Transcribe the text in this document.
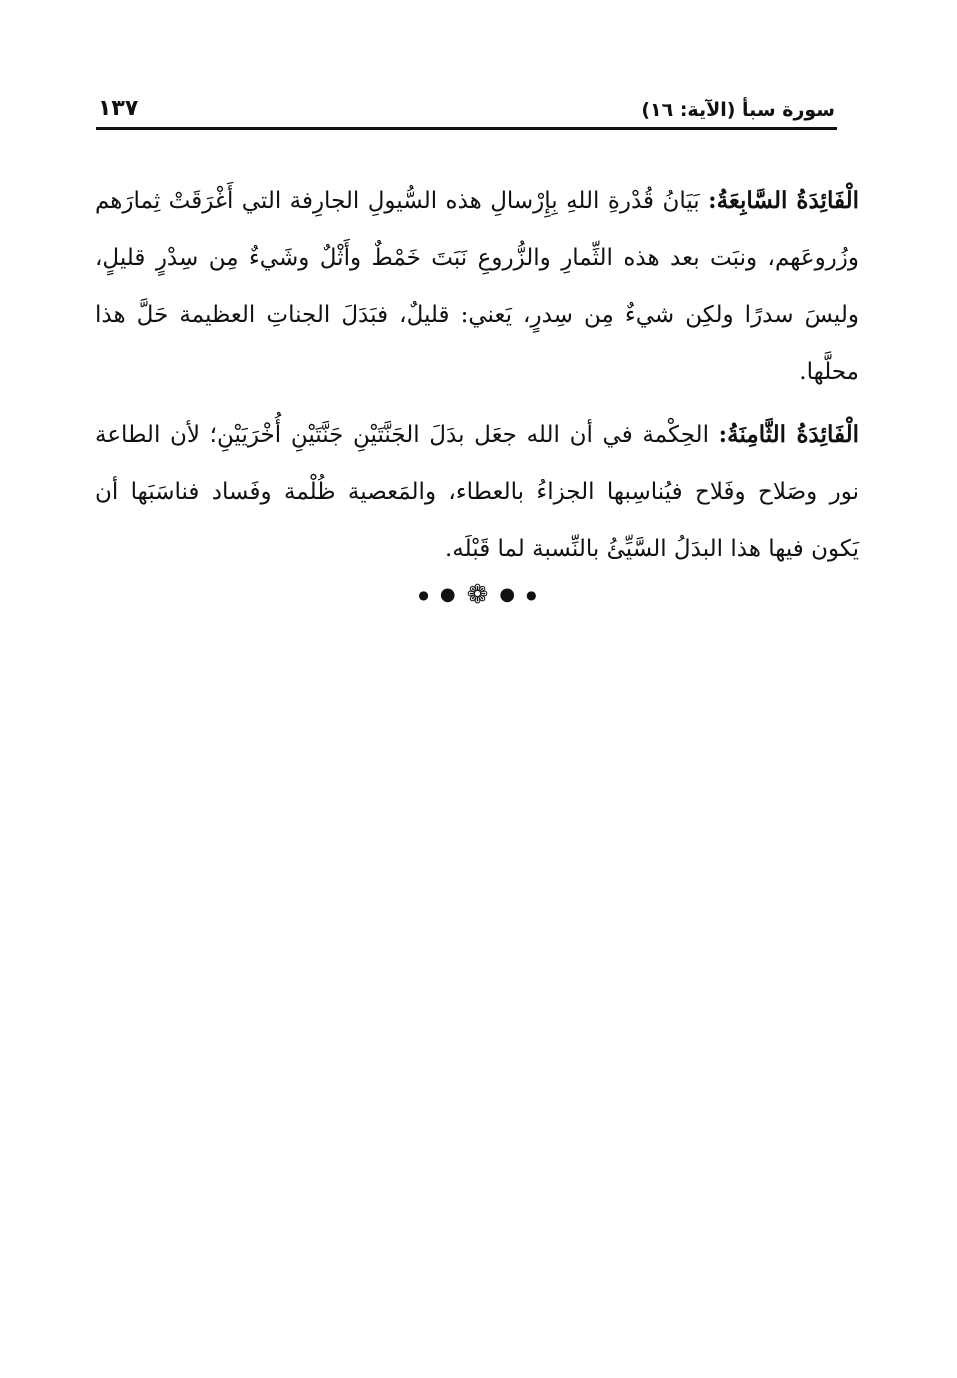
سورة سبأ (الآية: ١٦)
١٣٧

الْفَائِدَةُ السَّابِعَةُ: بَيَانُ قُدْرةِ اللهِ بِإِرْسالِ هذه السُّيولِ الجارِفة التي أَغْرَقَتْ ثِمارَهم وزُروعَهم، ونبَت بعد هذه الثِّمارِ والزُّروعِ نَبَتَ خَمْطٌ وأَثْلٌ وشَيءٌ مِن سِدْرٍ قليلٍ، وليسَ سدرًا ولكِن شيءٌ مِن سِدرٍ، يَعني: قليلٌ، فبَدَلَ الجناتِ العظيمة حَلَّ هذا محلَّها.

الْفَائِدَةُ الثَّامِنَةُ: الحِكْمة في أن الله جعَل بدَلَ الجَنَّتَيْنِ جَنَّتَيْنِ أُخْرَيَيْنِ؛ لأن الطاعة نور وصَلاح وفَلاح فيُناسِبها الجزاءُ بالعطاء، والمَعصية ظُلْمة وفَساد فناسَبَها أن يَكون فيها هذا البدَلُ السَّيِّئُ بالنِّسبة لما قَبْلَه.

● ● ❁ ● ●
